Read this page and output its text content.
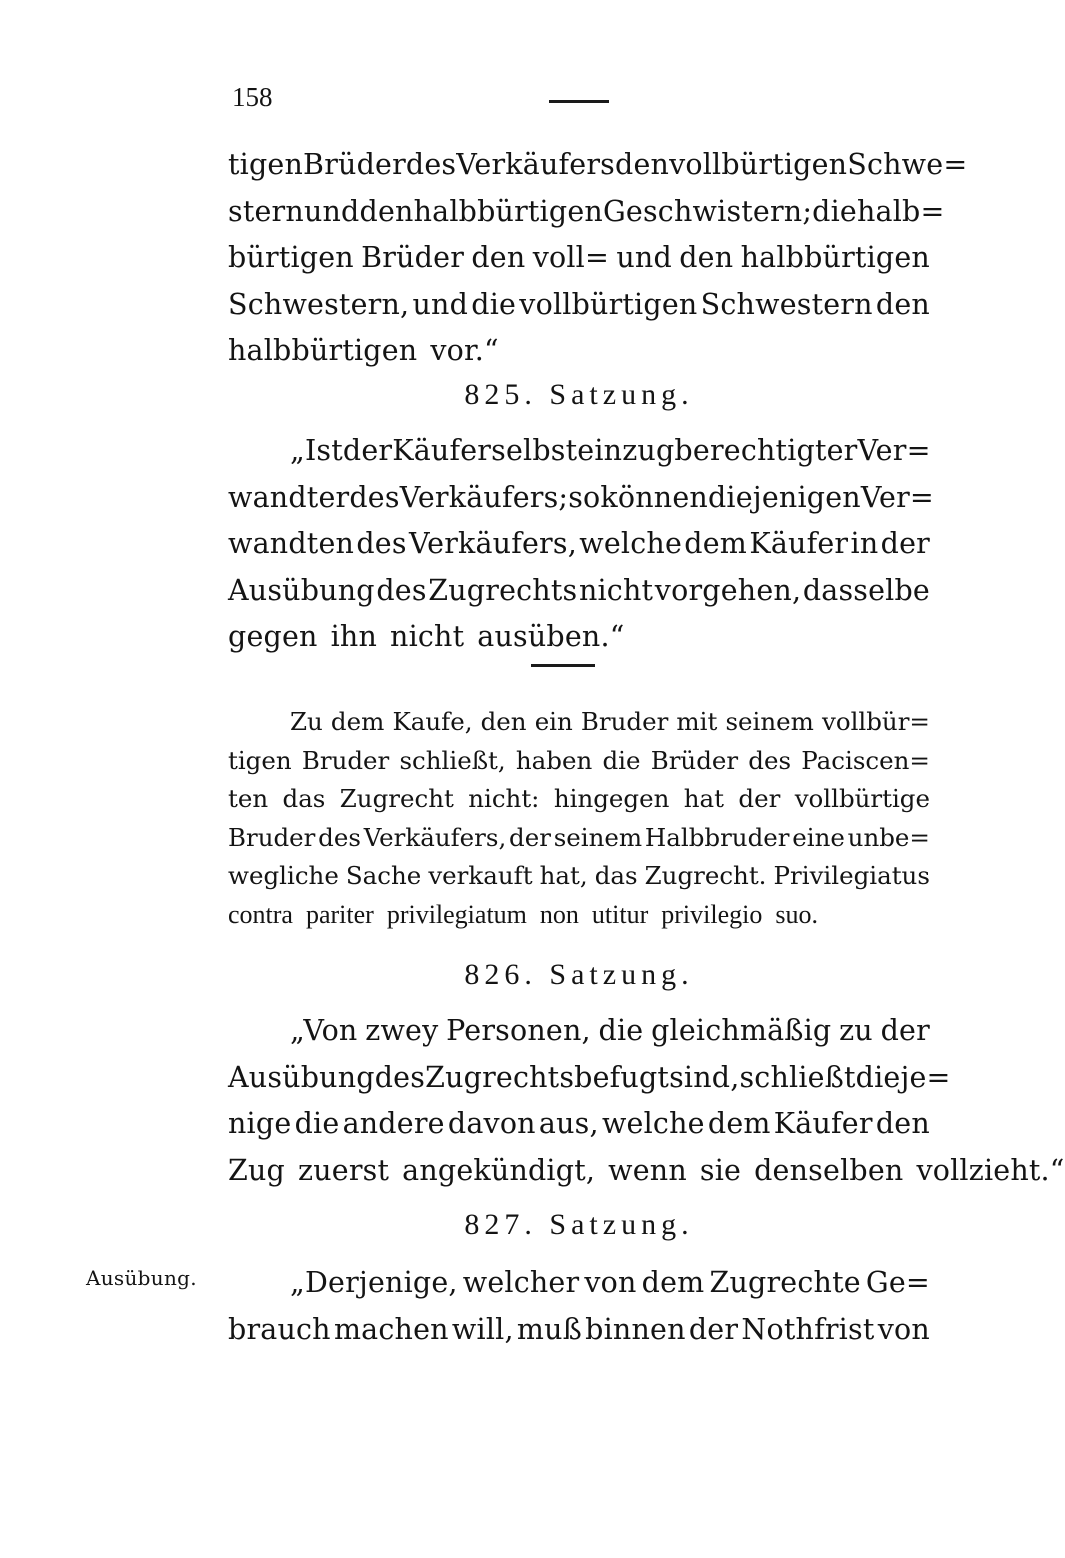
158
tigen Brüder des Verkäufers den vollbürtigen Schwe=
stern und den halbbürtigen Geschwistern; die halb=
bürtigen Brüder den voll= und den halbbürtigen
Schwestern, und die vollbürtigen Schwestern den
halbbürtigen vor.“
825. Satzung.
„Ist der Käufer selbst ein zugberechtigter Ver=
wandter des Verkäufers; so können diejenigen Ver=
wandten des Verkäufers, welche dem Käufer in der
Ausübung des Zugrechts nicht vorgehen, dasselbe
gegen ihn nicht ausüben.“
Zu dem Kaufe, den ein Bruder mit seinem vollbür=
tigen Bruder schließt, haben die Brüder des Paciscen=
ten das Zugrecht nicht: hingegen hat der vollbürtige
Bruder des Verkäufers, der seinem Halbbruder eine unbe=
wegliche Sache verkauft hat, das Zugrecht. Privilegiatus
contra pariter privilegiatum non utitur privilegio suo.
826. Satzung.
„Von zwey Personen, die gleichmäßig zu der
Ausübung des Zugrechts befugt sind, schließt dieje=
nige die andere davon aus, welche dem Käufer den
Zug zuerst angekündigt, wenn sie denselben vollzieht.“
827. Satzung.
Ausübung.	„Derjenige, welcher von dem Zugrechte Ge=
brauch machen will, muß binnen der Nothfrist von
